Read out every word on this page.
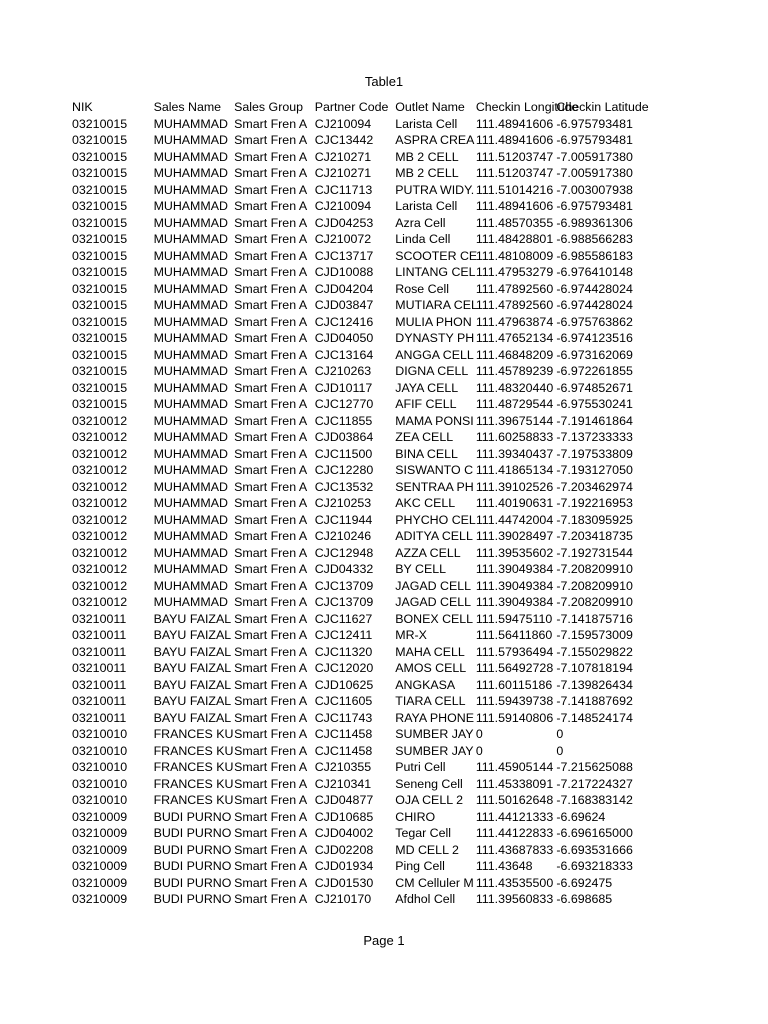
Table1
NIK	Sales Name	Sales Group	Partner Code	Outlet Name	Checkin Longitude	Checkin Latitude
03210015	MUHAMMAD	Smart Fren A	CJ210094	Larista Cell	111.48941606	-6.975793481
03210015	MUHAMMAD	Smart Fren A	CJC13442	ASPRA CREA	111.48941606	-6.975793481
03210015	MUHAMMAD	Smart Fren A	CJ210271	MB 2 CELL	111.51203747	-7.005917380
03210015	MUHAMMAD	Smart Fren A	CJ210271	MB 2 CELL	111.51203747	-7.005917380
03210015	MUHAMMAD	Smart Fren A	CJC11713	PUTRA WIDY.	111.51014216	-7.003007938
03210015	MUHAMMAD	Smart Fren A	CJ210094	Larista Cell	111.48941606	-6.975793481
03210015	MUHAMMAD	Smart Fren A	CJD04253	Azra Cell	111.48570355	-6.989361306
03210015	MUHAMMAD	Smart Fren A	CJ210072	Linda Cell	111.48428801	-6.988566283
03210015	MUHAMMAD	Smart Fren A	CJC13717	SCOOTER CE	111.48108009	-6.985586183
03210015	MUHAMMAD	Smart Fren A	CJD10088	LINTANG CEL	111.47953279	-6.976410148
03210015	MUHAMMAD	Smart Fren A	CJD04204	Rose Cell	111.47892560	-6.974428024
03210015	MUHAMMAD	Smart Fren A	CJD03847	MUTIARA CEL	111.47892560	-6.974428024
03210015	MUHAMMAD	Smart Fren A	CJC12416	MULIA PHON	111.47963874	-6.975763862
03210015	MUHAMMAD	Smart Fren A	CJD04050	DYNASTY PH	111.47652134	-6.974123516
03210015	MUHAMMAD	Smart Fren A	CJC13164	ANGGA CELL	111.46848209	-6.973162069
03210015	MUHAMMAD	Smart Fren A	CJ210263	DIGNA CELL	111.45789239	-6.972261855
03210015	MUHAMMAD	Smart Fren A	CJD10117	JAYA CELL	111.48320440	-6.974852671
03210015	MUHAMMAD	Smart Fren A	CJC12770	AFIF CELL	111.48729544	-6.975530241
03210012	MUHAMMAD	Smart Fren A	CJC11855	MAMA PONSI	111.39675144	-7.191461864
03210012	MUHAMMAD	Smart Fren A	CJD03864	ZEA CELL	111.60258833	-7.137233333
03210012	MUHAMMAD	Smart Fren A	CJC11500	BINA CELL	111.39340437	-7.197533809
03210012	MUHAMMAD	Smart Fren A	CJC12280	SISWANTO C	111.41865134	-7.193127050
03210012	MUHAMMAD	Smart Fren A	CJC13532	SENTRAA PH	111.39102526	-7.203462974
03210012	MUHAMMAD	Smart Fren A	CJ210253	AKC CELL	111.40190631	-7.192216953
03210012	MUHAMMAD	Smart Fren A	CJC11944	PHYCHO CEL	111.44742004	-7.183095925
03210012	MUHAMMAD	Smart Fren A	CJ210246	ADITYA CELL	111.39028497	-7.203418735
03210012	MUHAMMAD	Smart Fren A	CJC12948	AZZA CELL	111.39535602	-7.192731544
03210012	MUHAMMAD	Smart Fren A	CJD04332	BY CELL	111.39049384	-7.208209910
03210012	MUHAMMAD	Smart Fren A	CJC13709	JAGAD CELL	111.39049384	-7.208209910
03210012	MUHAMMAD	Smart Fren A	CJC13709	JAGAD CELL	111.39049384	-7.208209910
03210011	BAYU FAIZAL	Smart Fren A	CJC11627	BONEX CELL	111.59475110	-7.141875716
03210011	BAYU FAIZAL	Smart Fren A	CJC12411	MR-X	111.56411860	-7.159573009
03210011	BAYU FAIZAL	Smart Fren A	CJC11320	MAHA CELL	111.57936494	-7.155029822
03210011	BAYU FAIZAL	Smart Fren A	CJC12020	AMOS CELL	111.56492728	-7.107818194
03210011	BAYU FAIZAL	Smart Fren A	CJD10625	ANGKASA	111.60115186	-7.139826434
03210011	BAYU FAIZAL	Smart Fren A	CJC11605	TIARA CELL	111.59439738	-7.141887692
03210011	BAYU FAIZAL	Smart Fren A	CJC11743	RAYA PHONE	111.59140806	-7.148524174
03210010	FRANCES KU	Smart Fren A	CJC11458	SUMBER JAY	0	0
03210010	FRANCES KU	Smart Fren A	CJC11458	SUMBER JAY	0	0
03210010	FRANCES KU	Smart Fren A	CJ210355	Putri Cell	111.45905144	-7.215625088
03210010	FRANCES KU	Smart Fren A	CJ210341	Seneng Cell	111.45338091	-7.217224327
03210010	FRANCES KU	Smart Fren A	CJD04877	OJA CELL 2	111.50162648	-7.168383142
03210009	BUDI PURNO	Smart Fren A	CJD10685	CHIRO	111.44121333	-6.69624
03210009	BUDI PURNO	Smart Fren A	CJD04002	Tegar Cell	111.44122833	-6.696165000
03210009	BUDI PURNO	Smart Fren A	CJD02208	MD CELL 2	111.43687833	-6.693531666
03210009	BUDI PURNO	Smart Fren A	CJD01934	Ping Cell	111.43648	-6.693218333
03210009	BUDI PURNO	Smart Fren A	CJD01530	CM Celluler M	111.43535500	-6.692475
03210009	BUDI PURNO	Smart Fren A	CJ210170	Afdhol Cell	111.39560833	-6.698685
Page 1
